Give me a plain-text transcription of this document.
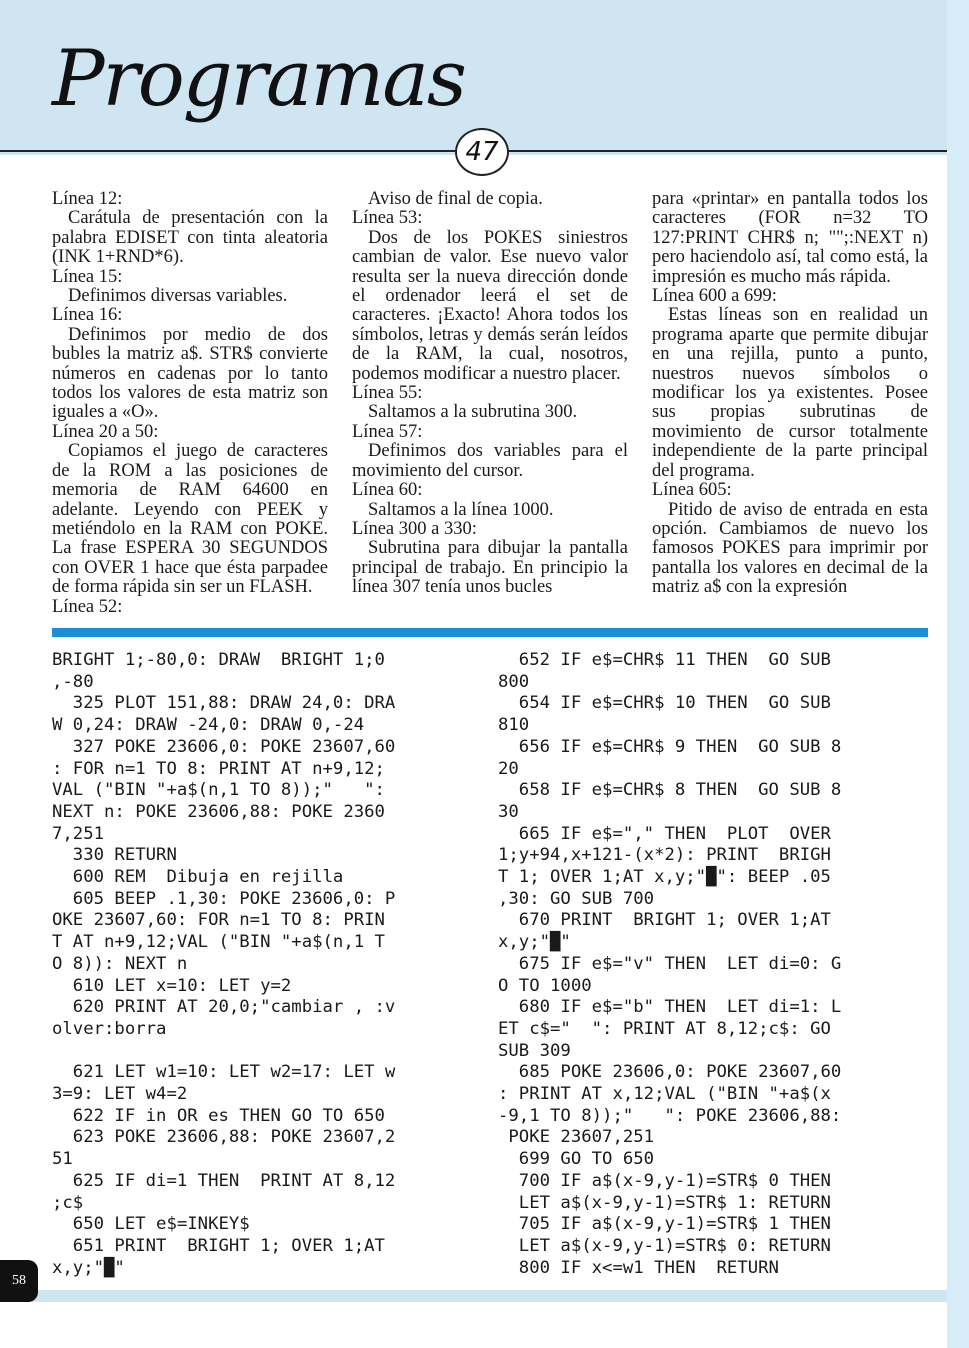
Programas
47

Línea 12:

Carátula de presentación con la palabra EDISET con tinta aleatoria (INK 1+RND*6).

Línea 15:

Definimos diversas variables.

Línea 16:

Definimos por medio de dos bubles la matriz a$. STR$ convierte números en cadenas por lo tanto todos los valores de esta matriz son iguales a «O».

Línea 20 a 50:

Copiamos el juego de caracteres de la ROM a las posiciones de memoria de RAM 64600 en adelante. Leyendo con PEEK y metiéndolo en la RAM con POKE. La frase ESPERA 30 SEGUNDOS con OVER 1 hace que ésta parpadee de forma rápida sin ser un FLASH.

Línea 52:

Aviso de final de copia.

Línea 53:

Dos de los POKES siniestros cambian de valor. Ese nuevo valor resulta ser la nueva dirección donde el ordenador leerá el set de caracteres. ¡Exacto! Ahora todos los símbolos, letras y demás serán leídos de la RAM, la cual, nosotros, podemos modificar a nuestro placer.

Línea 55:

Saltamos a la subrutina 300.

Línea 57:

Definimos dos variables para el movimiento del cursor.

Línea 60:

Saltamos a la línea 1000.

Línea 300 a 330:

Subrutina para dibujar la pantalla principal de trabajo. En principio la línea 307 tenía unos bucles

para «printar» en pantalla todos los caracteres (FOR n=32 TO 127:PRINT CHR$ n; "";:NEXT n) pero haciendolo así, tal como está, la impresión es mucho más rápida.

Línea 600 a 699:

Estas líneas son en realidad un programa aparte que permite dibujar en una rejilla, punto a punto, nuestros nuevos símbolos o modificar los ya existentes. Posee sus propias subrutinas de movimiento de cursor totalmente independiente de la parte principal del programa.

Línea 605:

Pitido de aviso de entrada en esta opción. Cambiamos de nuevo los famosos POKES para imprimir por pantalla los valores en decimal de la matriz a$ con la expresión

BRIGHT 1;-80,0: DRAW  BRIGHT 1;0
,-80
325 PLOT 151,88: DRAW 24,0: DRA
W 0,24: DRAW -24,0: DRAW 0,-24
327 POKE 23606,0: POKE 23607,60
: FOR n=1 TO 8: PRINT AT n+9,12;
VAL ("BIN "+a$(n,1 TO 8));"   ":
NEXT n: POKE 23606,88: POKE 2360
7,251
330 RETURN
600 REM  Dibuja en rejilla
605 BEEP .1,30: POKE 23606,0: P
OKE 23607,60: FOR n=1 TO 8: PRIN
T AT n+9,12;VAL ("BIN "+a$(n,1 T
O 8)): NEXT n
610 LET x=10: LET y=2
620 PRINT AT 20,0;"cambiar , :v
olver:borra

621 LET w1=10: LET w2=17: LET w
3=9: LET w4=2
622 IF in OR es THEN GO TO 650
623 POKE 23606,88: POKE 23607,2
51
625 IF di=1 THEN  PRINT AT 8,12
;c$
650 LET e$=INKEY$
651 PRINT  BRIGHT 1; OVER 1;AT
x,y;"█"
652 IF e$=CHR$ 11 THEN  GO SUB
800
654 IF e$=CHR$ 10 THEN  GO SUB
810
656 IF e$=CHR$ 9 THEN  GO SUB 8
20
658 IF e$=CHR$ 8 THEN  GO SUB 8
30
665 IF e$="," THEN  PLOT  OVER
1;y+94,x+121-(x*2): PRINT  BRIGH
T 1; OVER 1;AT x,y;"█": BEEP .05
,30: GO SUB 700
670 PRINT  BRIGHT 1; OVER 1;AT
x,y;"█"
675 IF e$="v" THEN  LET di=0: G
O TO 1000
680 IF e$="b" THEN  LET di=1: L
ET c$="  ": PRINT AT 8,12;c$: GO
SUB 309
685 POKE 23606,0: POKE 23607,60
: PRINT AT x,12;VAL ("BIN "+a$(x
-9,1 TO 8));"   ": POKE 23606,88:
POKE 23607,251
699 GO TO 650
700 IF a$(x-9,y-1)=STR$ 0 THEN
LET a$(x-9,y-1)=STR$ 1: RETURN
705 IF a$(x-9,y-1)=STR$ 1 THEN
LET a$(x-9,y-1)=STR$ 0: RETURN
800 IF x<=w1 THEN  RETURN
58
